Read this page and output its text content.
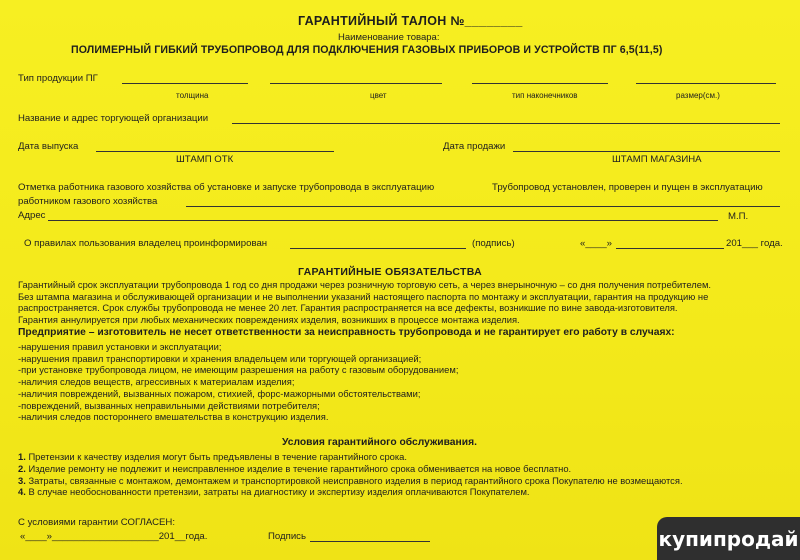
ГАРАНТИЙНЫЙ ТАЛОН №________
Наименование товара:
ПОЛИМЕРНЫЙ ГИБКИЙ ТРУБОПРОВОД ДЛЯ ПОДКЛЮЧЕНИЯ ГАЗОВЫХ ПРИБОРОВ И УСТРОЙСТВ ПГ 6,5(11,5)
Тип продукции ПГ
толщина	цвет	тип наконечников	размер(см.)
Название и адрес торгующей организации
Дата выпуска	Дата продажи
ШТАМП ОТК	ШТАМП МАГАЗИНА
Отметка работника газового хозяйства об установке и запуске трубопровода в эксплуатацию	Трубопровод установлен, проверен и пущен в эксплуатацию
работником газового хозяйства
Адрес	М.П.
О правилах пользования владелец проинформирован	(подпись)	«____»	201___ года.
ГАРАНТИЙНЫЕ ОБЯЗАТЕЛЬСТВА
Гарантийный срок эксплуатации трубопровода 1 год со дня продажи через розничную торговую сеть, а через внерыночную – со дня получения потребителем.
Без штампа магазина и обслуживающей организации и не выполнении указаний настоящего паспорта по монтажу и эксплуатации, гарантия на продукцию не
распространяется. Срок службы трубопровода не менее 20 лет. Гарантия распространяется на все дефекты, возникшие по вине завода-изготовителя.
Гарантия аннулируется при любых механических повреждениях изделия, возникших в процессе монтажа изделия.
Предприятие – изготовитель не несет ответственности за неисправность трубопровода и не гарантирует его работу в случаях:
-нарушения правил установки и эксплуатации;
-нарушения правил транспортировки и хранения владельцем или торгующей организацией;
-при установке трубопровода лицом, не имеющим разрешения на работу с газовым оборудованием;
-наличия следов веществ, агрессивных к материалам изделия;
-наличия повреждений, вызванных пожаром, стихией, форс-мажорными обстоятельствами;
-повреждений, вызванных неправильными действиями потребителя;
-наличия следов постороннего вмешательства в конструкцию изделия.
Условия гарантийного обслуживания.
1. Претензии к качеству изделия могут быть предъявлены в течение гарантийного срока.
2. Изделие ремонту не подлежит и неисправленное изделие в течение гарантийного срока обменивается на новое бесплатно.
3. Затраты, связанные с монтажом, демонтажем и транспортировкой неисправного изделия в период гарантийного срока Покупателю не возмещаются.
4. В случае необоснованности претензии, затраты на диагностику и экспертизу изделия оплачиваются Покупателем.
С условиями гарантии СОГЛАСЕН:
«____»____________________201__года.	Подпись	купипродай
